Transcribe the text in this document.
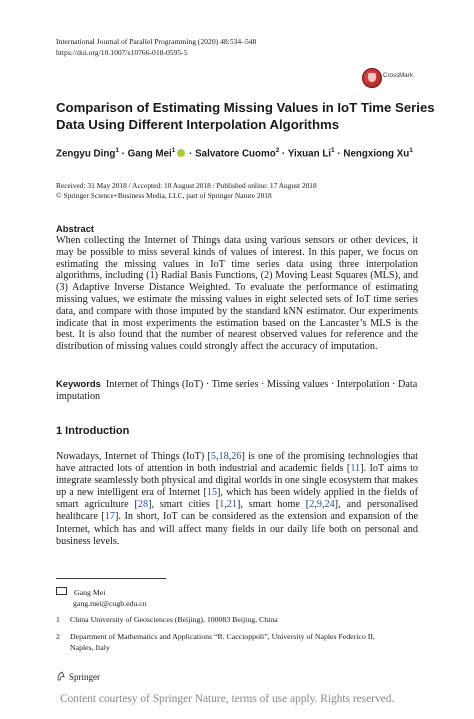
International Journal of Parallel Programming (2020) 48:534–548
https://doi.org/10.1007/s10766-018-0595-5
CrossMark
Comparison of Estimating Missing Values in IoT Time Series Data Using Different Interpolation Algorithms
Zengyu Ding$^1$ · Gang Mei$^1$ · Salvatore Cuomo$^2$ · Yixuan $Li^1$ · Nengxiong Xu$^1$
Received: 31 May 2018 / Accepted: 10 August 2018 / Published online: 17 August 2018
© Springer Science+Business Media, LLC, part of Springer Nature 2018
Abstract
When collecting the Internet of Things data using various sensors or other devices, it may be possible to miss several kinds of values of interest. In this paper, we focus on estimating the missing values in IoT time series data using three interpolation algorithms, including (1) Radial Basis Functions, (2) Moving Least Squares (MLS), and (3) Adaptive Inverse Distance Weighted. To evaluate the performance of estimating missing values, we estimate the missing values in eight selected sets of IoT time series data, and compare with those imputed by the standard kNN estimator. Our experiments indicate that in most experiments the estimation based on the Lancaster’s MLS is the best. It is also found that the number of nearest observed values for reference and the distribution of missing values could strongly affect the accuracy of imputation.
Keywords Internet of Things (IoT) · Time series · Missing values · Interpolation · Data imputation
1 Introduction
Nowadays, Internet of Things (IoT) [5,18,26] is one of the promising technologies that have attracted lots of attention in both industrial and academic fields [11]. IoT aims to integrate seamlessly both physical and digital worlds in one single ecosystem that makes up a new intelligent era of Internet [15], which has been widely applied in the fields of smart agriculture [28], smart cities [1,21], smart home [2,9,24], and personalised healthcare [17]. In short, IoT can be considered as the extension and expansion of the Internet, which has and will affect many fields in our daily life both on personal and business levels.
Gang Mei
gang.mei@cugb.edu.cn
1 China University of Geosciences (Beijing), 100083 Beijing, China
2	Department of Mathematics and Applications “R. Caccioppoli”, University of Naples Federico II, Naples, Italy
Springer
Content courtesy of Springer Nature, terms of use apply. Rights reserved.
